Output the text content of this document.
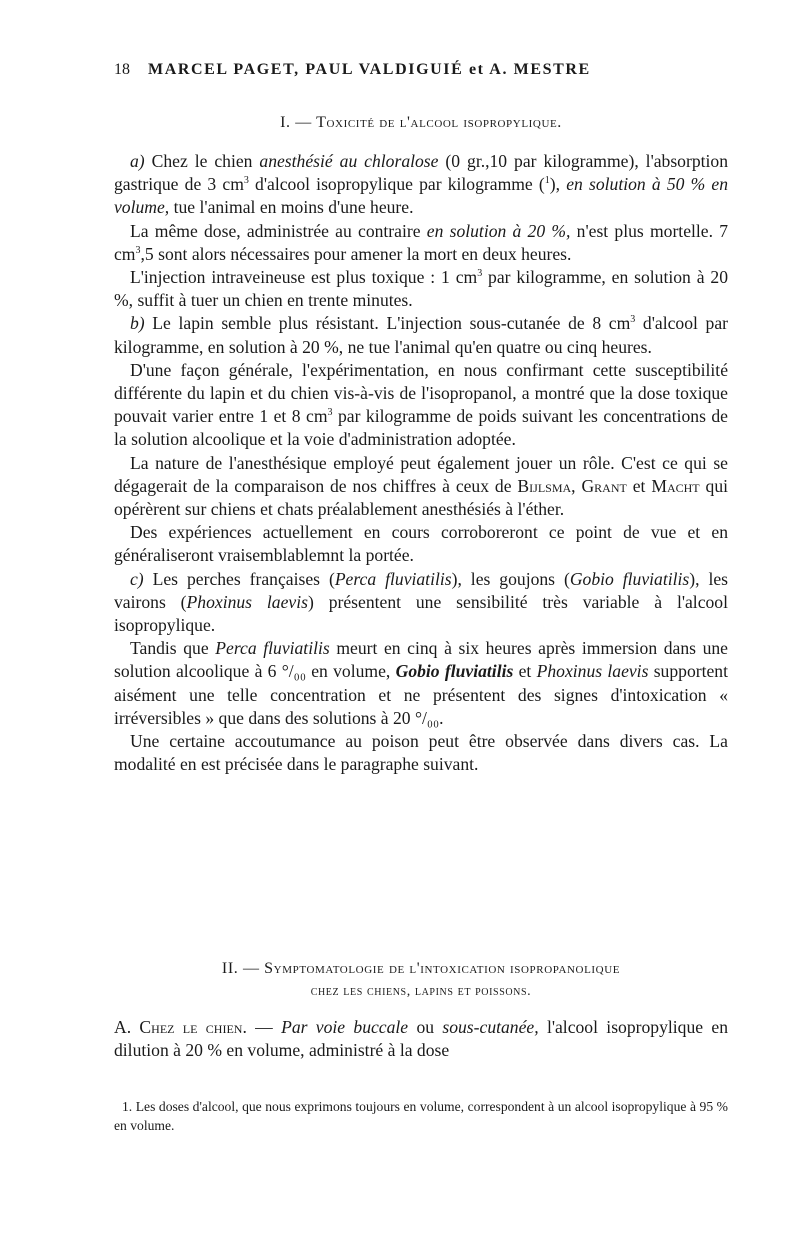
18 MARCEL PAGET, PAUL VALDIGUIÉ et A. MESTRE
I. — Toxicité de l'alcool isopropylique.

a) Chez le chien anesthésié au chloralose (0 gr.,10 par kilogramme), l'absorption gastrique de 3 $cm^3$ d'alcool isopropylique par kilogramme ($^1$), en solution à 50 % en volume, tue l'animal en moins d'une heure.

La même dose, administrée au contraire en solution à 20 %, n'est plus mortelle. 7 $cm^3,5$ sont alors nécessaires pour amener la mort en deux heures.

L'injection intraveineuse est plus toxique : 1 $cm^3$ par kilogramme, en solution à 20 %, suffit à tuer un chien en trente minutes.

b) Le lapin semble plus résistant. L'injection sous-cutanée de 8 $cm^3$ d'alcool par kilogramme, en solution à 20 %, ne tue l'animal qu'en quatre ou cinq heures.

D'une façon générale, l'expérimentation, en nous confirmant cette susceptibilité différente du lapin et du chien vis-à-vis de l'isopropanol, a montré que la dose toxique pouvait varier entre 1 et 8 $cm^3$ par kilogramme de poids suivant les concentrations de la solution alcoolique et la voie d'administration adoptée.

La nature de l'anesthésique employé peut également jouer un rôle. C'est ce qui se dégagerait de la comparaison de nos chiffres à ceux de Bijlsma, Grant et Macht qui opérèrent sur chiens et chats préalablement anesthésiés à l'éther.

Des expériences actuellement en cours corroboreront ce point de vue et en généraliseront vraisemblablemnt la portée.

c) Les perches françaises (Perca fluviatilis), les goujons (Gobio fluviatilis), les vairons (Phoxinus laevis) présentent une sensibilité très variable à l'alcool isopropylique.

Tandis que Perca fluviatilis meurt en cinq à six heures après immersion dans une solution alcoolique à 6 °/₀₀ en volume, Gobio fluviatilis et Phoxinus laevis supportent aisément une telle concentration et ne présentent des signes d'intoxication « irréversibles » que dans des solutions à 20 °/₀₀.

Une certaine accoutumance au poison peut être observée dans divers cas. La modalité en est précisée dans le paragraphe suivant.

II. — Symptomatologie de l'intoxication isopropanolique
chez les chiens, lapins et poissons.

A. Chez le chien. — Par voie buccale ou sous-cutanée, l'alcool isopropylique en dilution à 20 % en volume, administré à la dose

1. Les doses d'alcool, que nous exprimons toujours en volume, correspondent à un alcool isopropylique à 95 % en volume.
